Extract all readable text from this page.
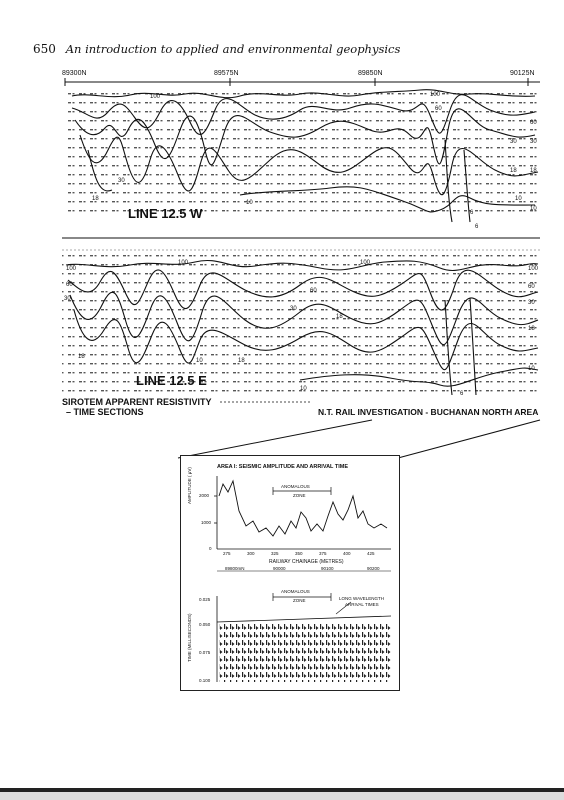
650 An introduction to applied and environmental geophysics
89300N	89575N	89850N	90125N
100
60
30
18
10
6
30
18
10
100
60
30
18
10
6
100
60
30
18
10
100	100
60
30
100
60
30
18
10
6
18
10
18
LINE 12.5 W
LINE 12.5 E
SIROTEM APPARENT RESISTIVITY
– TIME SECTIONS	N.T. RAIL INVESTIGATION - BUCHANAN NORTH AREA
AREA I: SEISMIC AMPLITUDE AND ARRIVAL TIME
ANOMALOUS
ZONE
AMPLITUDE ( μV) 2000
1000
0
275	300	325	350	375	400	425
RAILWAY CHAINAGE (METRES)
89800mN	90000	90100	90200
ANOMALOUS
ZONE	LONG WAVELENGTH
ARRIVAL TIMES
TIME (MILLISECONDS)
0.025
0.050
0.075
0.100
